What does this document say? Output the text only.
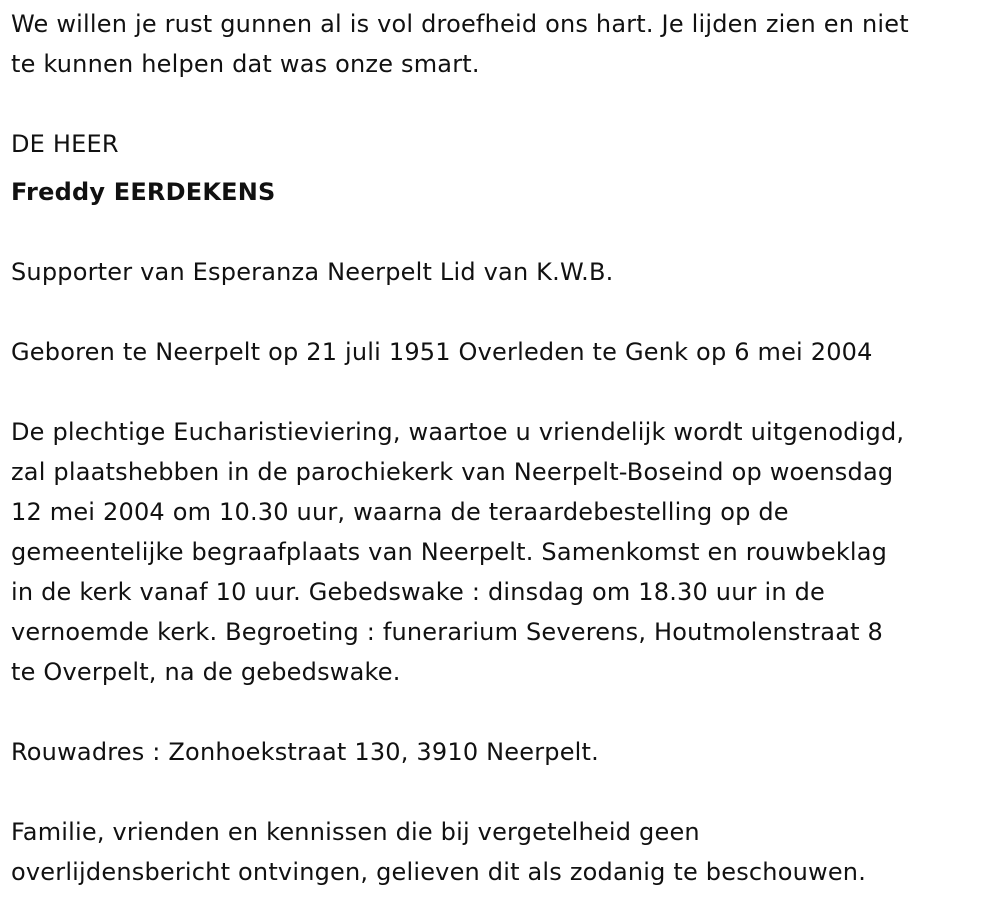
We willen je rust gunnen al is vol droefheid ons hart. Je lijden zien en niet
te kunnen helpen dat was onze smart.

DE HEER

Freddy EERDEKENS

Supporter van Esperanza Neerpelt Lid van K.W.B.

Geboren te Neerpelt op 21 juli 1951 Overleden te Genk op 6 mei 2004

De plechtige Eucharistieviering, waartoe u vriendelijk wordt uitgenodigd,
zal plaatshebben in de parochiekerk van Neerpelt-Boseind op woensdag
12 mei 2004 om 10.30 uur, waarna de teraardebestelling op de
gemeentelijke begraafplaats van Neerpelt. Samenkomst en rouwbeklag
in de kerk vanaf 10 uur. Gebedswake : dinsdag om 18.30 uur in de
vernoemde kerk. Begroeting : funerarium Severens, Houtmolenstraat 8
te Overpelt, na de gebedswake.

Rouwadres : Zonhoekstraat 130, 3910 Neerpelt.

Familie, vrienden en kennissen die bij vergetelheid geen
overlijdensbericht ontvingen, gelieven dit als zodanig te beschouwen.
